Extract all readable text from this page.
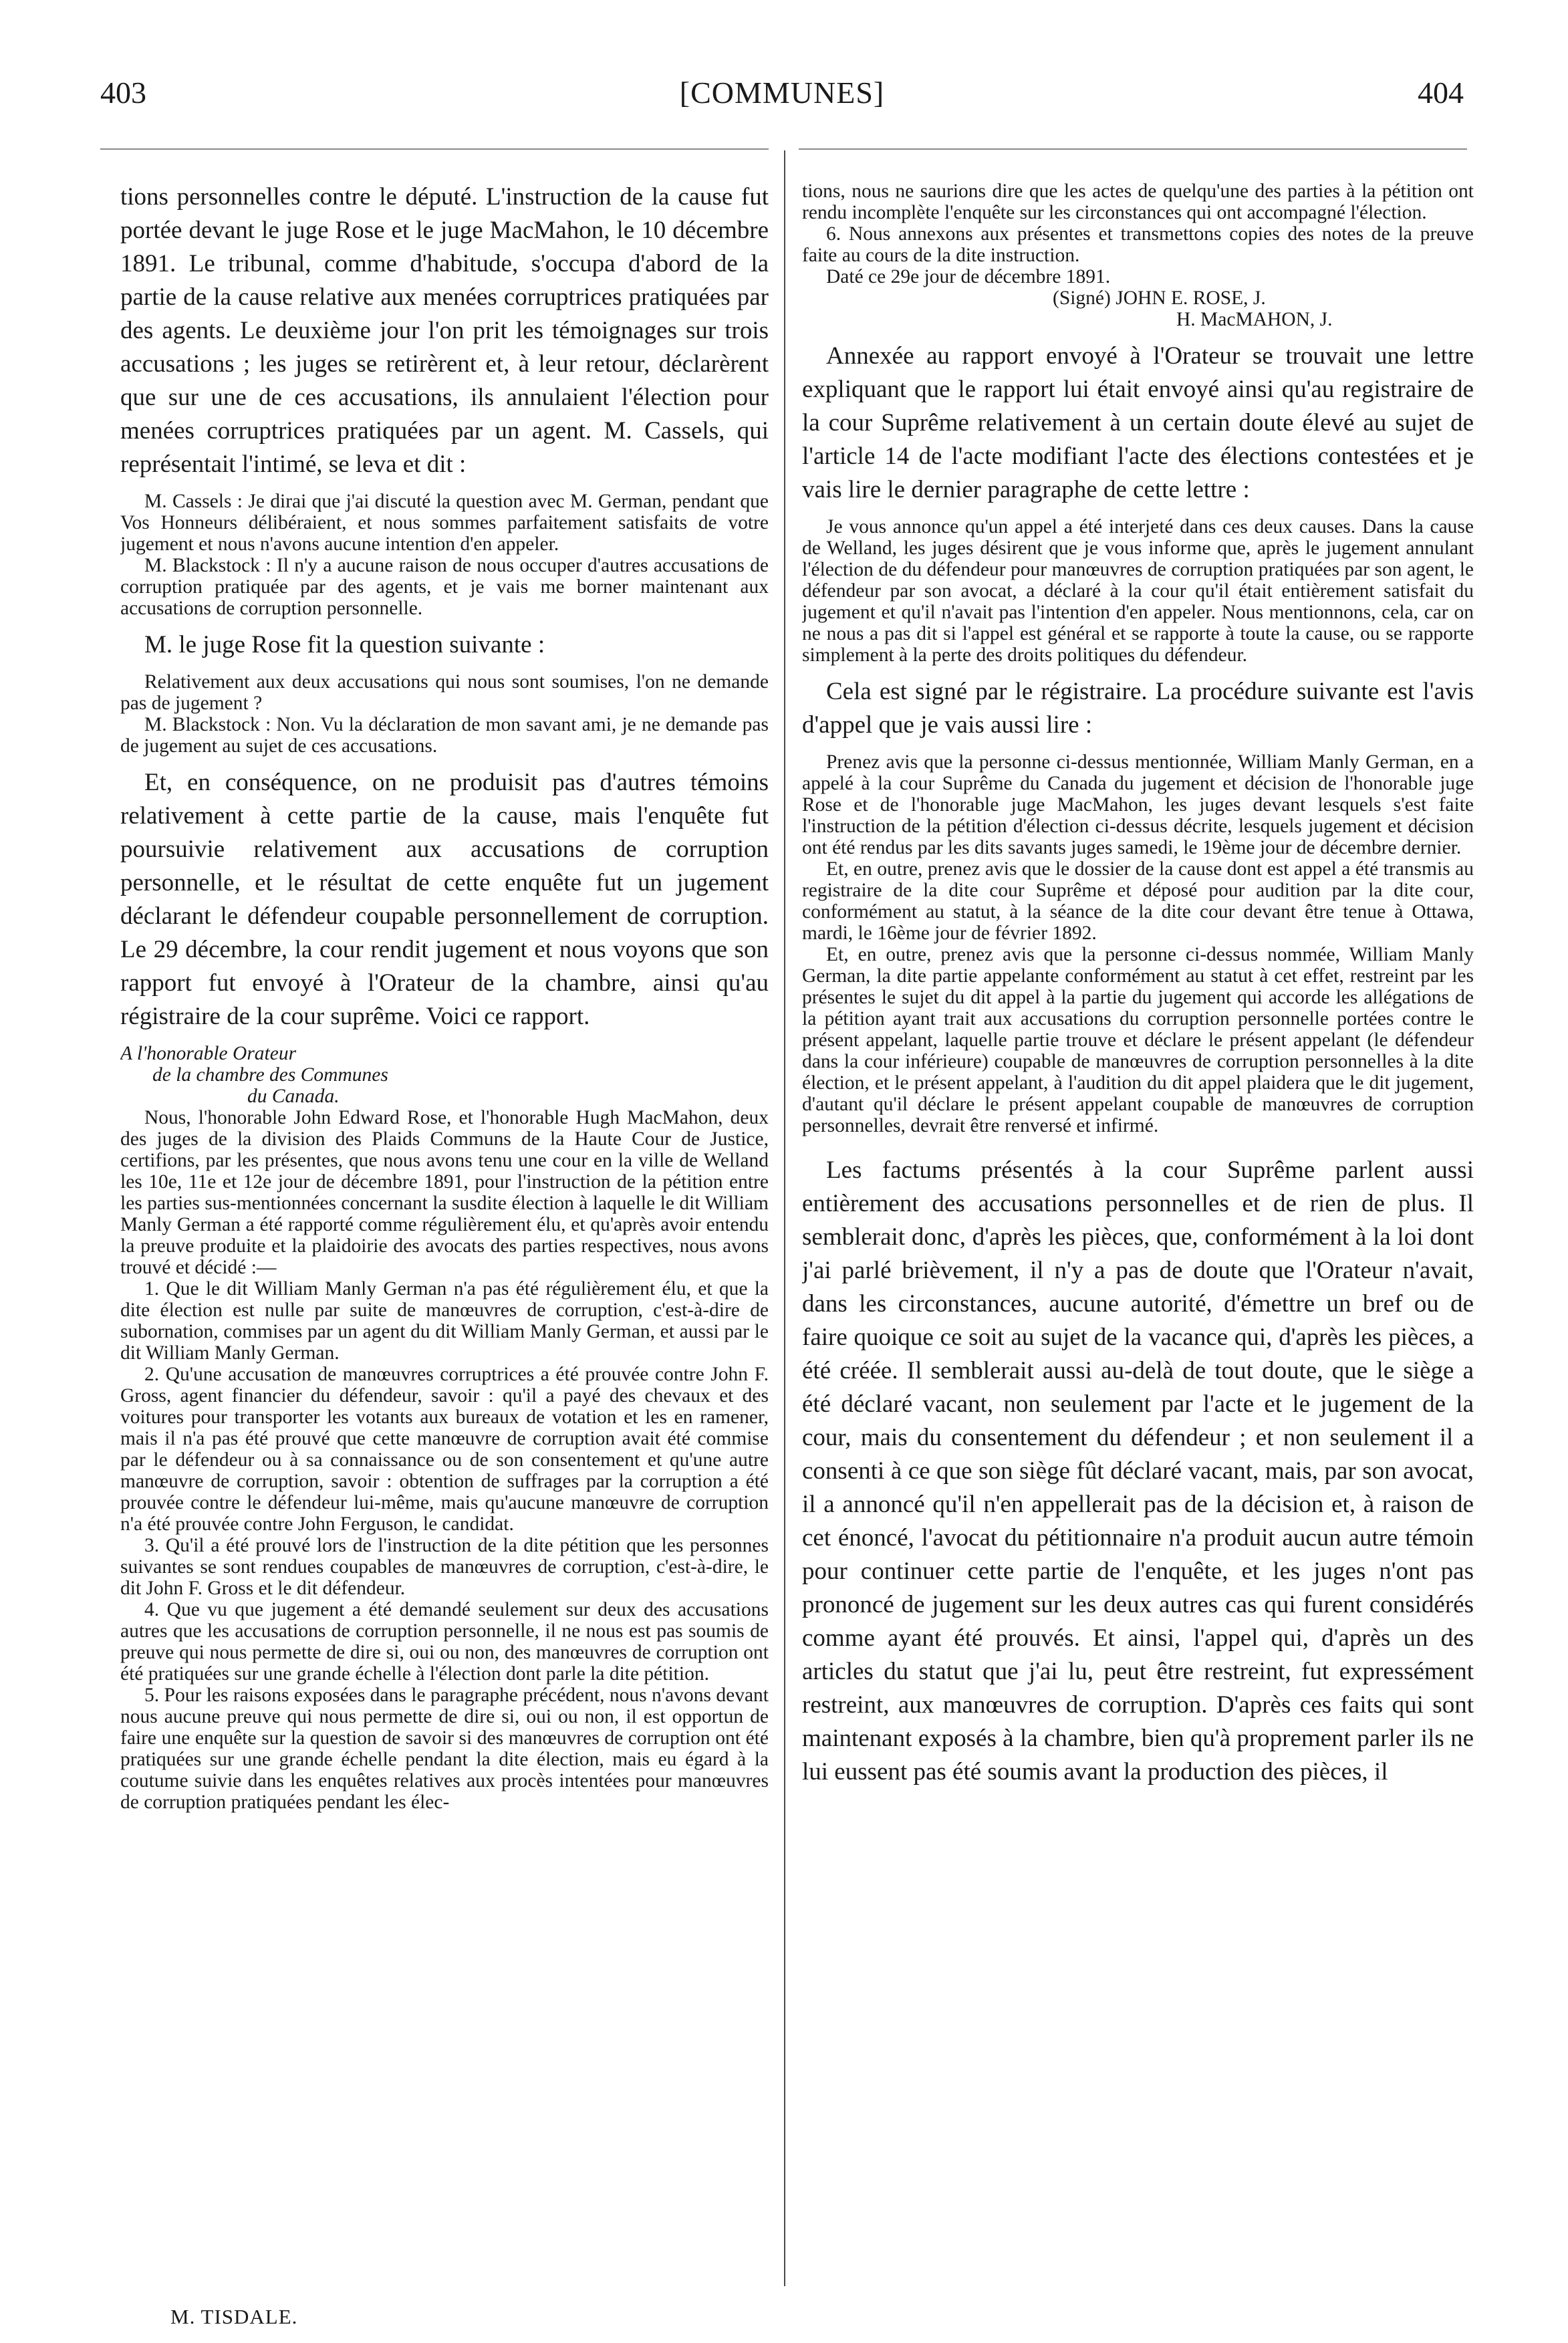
403	[COMMUNES]	404

tions personnelles contre le député. L'instruction de la cause fut portée devant le juge Rose et le juge MacMahon, le 10 décembre 1891. Le tribunal, comme d'habitude, s'occupa d'abord de la partie de la cause relative aux menées corruptrices pratiquées par des agents. Le deuxième jour l'on prit les témoignages sur trois accusations ; les juges se retirèrent et, à leur retour, déclarèrent que sur une de ces accusations, ils annulaient l'élection pour menées corruptrices pratiquées par un agent. M. Cassels, qui représentait l'intimé, se leva et dit :

M. Cassels : Je dirai que j'ai discuté la question avec M. German, pendant que Vos Honneurs délibéraient, et nous sommes parfaitement satisfaits de votre jugement et nous n'avons aucune intention d'en appeler.

M. Blackstock : Il n'y a aucune raison de nous occuper d'autres accusations de corruption pratiquée par des agents, et je vais me borner maintenant aux accusations de corruption personnelle.

M. le juge Rose fit la question suivante :

Relativement aux deux accusations qui nous sont soumises, l'on ne demande pas de jugement ?

M. Blackstock : Non. Vu la déclaration de mon savant ami, je ne demande pas de jugement au sujet de ces accusations.

Et, en conséquence, on ne produisit pas d'autres témoins relativement à cette partie de la cause, mais l'enquête fut poursuivie relativement aux accusations de corruption personnelle, et le résultat de cette enquête fut un jugement déclarant le défendeur coupable personnellement de corruption. Le 29 décembre, la cour rendit jugement et nous voyons que son rapport fut envoyé à l'Orateur de la chambre, ainsi qu'au régistraire de la cour suprême. Voici ce rapport.

A l'honorable Orateur

de la chambre des Communes

du Canada.

Nous, l'honorable John Edward Rose, et l'honorable Hugh MacMahon, deux des juges de la division des Plaids Communs de la Haute Cour de Justice, certifions, par les présentes, que nous avons tenu une cour en la ville de Welland les 10e, 11e et 12e jour de décembre 1891, pour l'instruction de la pétition entre les parties sus-mentionnées concernant la susdite élection à laquelle le dit William Manly German a été rapporté comme régulièrement élu, et qu'après avoir entendu la preuve produite et la plaidoirie des avocats des parties respectives, nous avons trouvé et décidé :—

1. Que le dit William Manly German n'a pas été régulièrement élu, et que la dite élection est nulle par suite de manœuvres de corruption, c'est-à-dire de subornation, commises par un agent du dit William Manly German, et aussi par le dit William Manly German.

2. Qu'une accusation de manœuvres corruptrices a été prouvée contre John F. Gross, agent financier du défendeur, savoir : qu'il a payé des chevaux et des voitures pour transporter les votants aux bureaux de votation et les en ramener, mais il n'a pas été prouvé que cette manœuvre de corruption avait été commise par le défendeur ou à sa connaissance ou de son consentement et qu'une autre manœuvre de corruption, savoir : obtention de suffrages par la corruption a été prouvée contre le défendeur lui-même, mais qu'aucune manœuvre de corruption n'a été prouvée contre John Ferguson, le candidat.

3. Qu'il a été prouvé lors de l'instruction de la dite pétition que les personnes suivantes se sont rendues coupables de manœuvres de corruption, c'est-à-dire, le dit John F. Gross et le dit défendeur.

4. Que vu que jugement a été demandé seulement sur deux des accusations autres que les accusations de corruption personnelle, il ne nous est pas soumis de preuve qui nous permette de dire si, oui ou non, des manœuvres de corruption ont été pratiquées sur une grande échelle à l'élection dont parle la dite pétition.

5. Pour les raisons exposées dans le paragraphe précédent, nous n'avons devant nous aucune preuve qui nous permette de dire si, oui ou non, il est opportun de faire une enquête sur la question de savoir si des manœuvres de corruption ont été pratiquées sur une grande échelle pendant la dite élection, mais eu égard à la coutume suivie dans les enquêtes relatives aux procès intentées pour manœuvres de corruption pratiquées pendant les élec-

tions, nous ne saurions dire que les actes de quelqu'une des parties à la pétition ont rendu incomplète l'enquête sur les circonstances qui ont accompagné l'élection.

6. Nous annexons aux présentes et transmettons copies des notes de la preuve faite au cours de la dite instruction.

Daté ce 29e jour de décembre 1891.

(Signé) JOHN E. ROSE, J.

H. MacMAHON, J.

Annexée au rapport envoyé à l'Orateur se trouvait une lettre expliquant que le rapport lui était envoyé ainsi qu'au registraire de la cour Suprême relativement à un certain doute élevé au sujet de l'article 14 de l'acte modifiant l'acte des élections contestées et je vais lire le dernier paragraphe de cette lettre :

Je vous annonce qu'un appel a été interjeté dans ces deux causes. Dans la cause de Welland, les juges désirent que je vous informe que, après le jugement annulant l'élection de du défendeur pour manœuvres de corruption pratiquées par son agent, le défendeur par son avocat, a déclaré à la cour qu'il était entièrement satisfait du jugement et qu'il n'avait pas l'intention d'en appeler. Nous mentionnons, cela, car on ne nous a pas dit si l'appel est général et se rapporte à toute la cause, ou se rapporte simplement à la perte des droits politiques du défendeur.

Cela est signé par le régistraire. La procédure suivante est l'avis d'appel que je vais aussi lire :

Prenez avis que la personne ci-dessus mentionnée, William Manly German, en a appelé à la cour Suprême du Canada du jugement et décision de l'honorable juge Rose et de l'honorable juge MacMahon, les juges devant lesquels s'est faite l'instruction de la pétition d'élection ci-dessus décrite, lesquels jugement et décision ont été rendus par les dits savants juges samedi, le 19ème jour de décembre dernier.

Et, en outre, prenez avis que le dossier de la cause dont est appel a été transmis au registraire de la dite cour Suprême et déposé pour audition par la dite cour, conformément au statut, à la séance de la dite cour devant être tenue à Ottawa, mardi, le 16ème jour de février 1892.

Et, en outre, prenez avis que la personne ci-dessus nommée, William Manly German, la dite partie appelante conformément au statut à cet effet, restreint par les présentes le sujet du dit appel à la partie du jugement qui accorde les allégations de la pétition ayant trait aux accusations du corruption personnelle portées contre le présent appelant, laquelle partie trouve et déclare le présent appelant (le défendeur dans la cour inférieure) coupable de manœuvres de corruption personnelles à la dite élection, et le présent appelant, à l'audition du dit appel plaidera que le dit jugement, d'autant qu'il déclare le présent appelant coupable de manœuvres de corruption personnelles, devrait être renversé et infirmé.

Les factums présentés à la cour Suprême parlent aussi entièrement des accusations personnelles et de rien de plus. Il semblerait donc, d'après les pièces, que, conformément à la loi dont j'ai parlé brièvement, il n'y a pas de doute que l'Orateur n'avait, dans les circonstances, aucune autorité, d'émettre un bref ou de faire quoique ce soit au sujet de la vacance qui, d'après les pièces, a été créée. Il semblerait aussi au-delà de tout doute, que le siège a été déclaré vacant, non seulement par l'acte et le jugement de la cour, mais du consentement du défendeur ; et non seulement il a consenti à ce que son siège fût déclaré vacant, mais, par son avocat, il a annoncé qu'il n'en appellerait pas de la décision et, à raison de cet énoncé, l'avocat du pétitionnaire n'a produit aucun autre témoin pour continuer cette partie de l'enquête, et les juges n'ont pas prononcé de jugement sur les deux autres cas qui furent considérés comme ayant été prouvés. Et ainsi, l'appel qui, d'après un des articles du statut que j'ai lu, peut être restreint, fut expressément restreint, aux manœuvres de corruption. D'après ces faits qui sont maintenant exposés à la chambre, bien qu'à proprement parler ils ne lui eussent pas été soumis avant la production des pièces, il

M. TISDALE.
